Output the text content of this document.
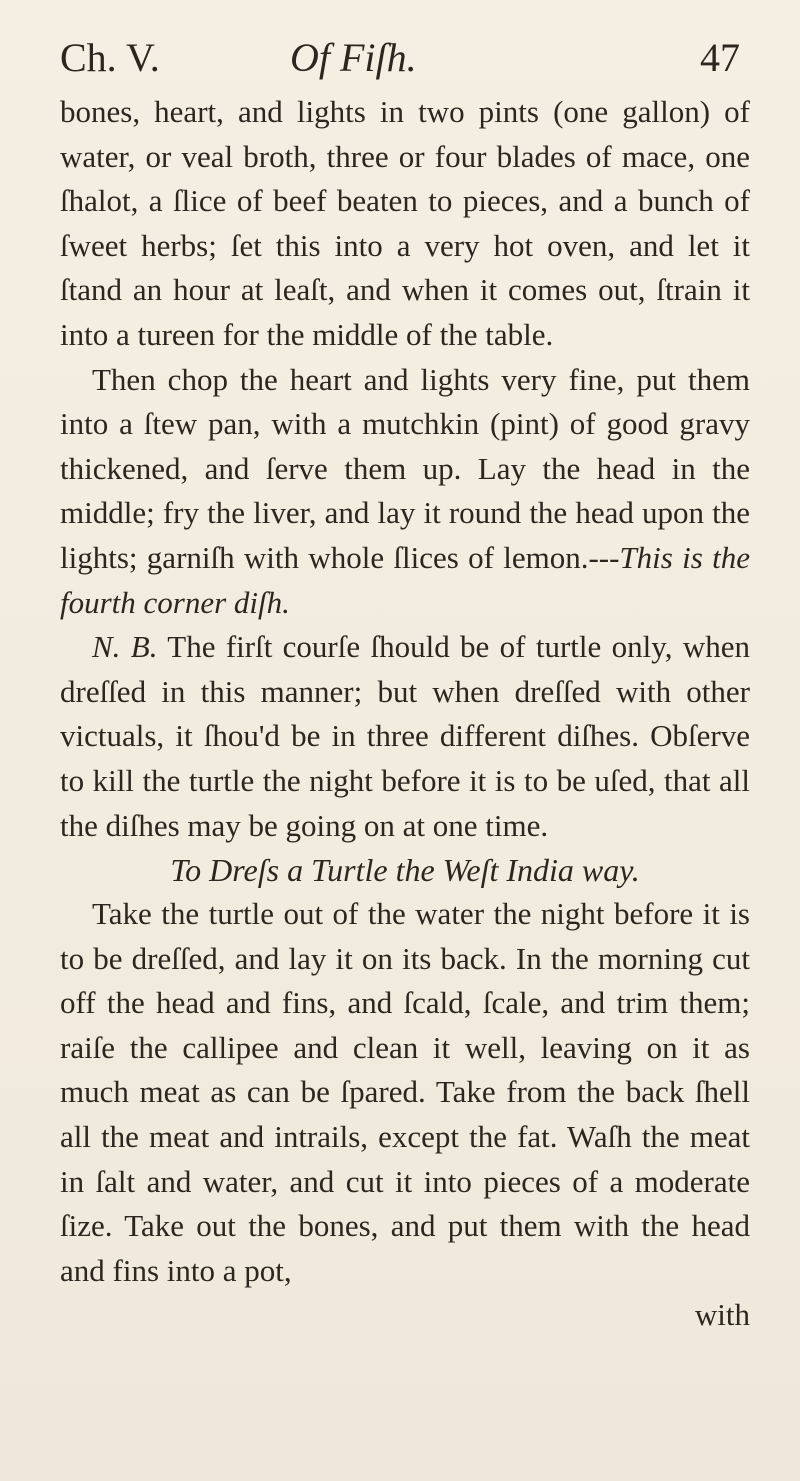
Ch. V.	Of Fiſh.	47

bones, heart, and lights in two pints (one gallon) of water, or veal broth, three or four blades of mace, one ſhalot, a ſlice of beef beaten to pieces, and a bunch of ſweet herbs; ſet this into a very hot oven, and let it ſtand an hour at leaſt, and when it comes out, ſtrain it into a tureen for the middle of the table.

Then chop the heart and lights very fine, put them into a ſtew pan, with a mutchkin (pint) of good gravy thickened, and ſerve them up. Lay the head in the middle; fry the liver, and lay it round the head upon the lights; garniſh with whole ſlices of lemon.---This is the fourth corner diſh.

N. B. The firſt courſe ſhould be of turtle only, when dreſſed in this manner; but when dreſſed with other victuals, it ſhou'd be in three different diſhes. Obſerve to kill the turtle the night before it is to be uſed, that all the diſhes may be going on at one time.

To Dreſs a Turtle the Weſt India way.

Take the turtle out of the water the night before it is to be dreſſed, and lay it on its back. In the morning cut off the head and fins, and ſcald, ſcale, and trim them; raiſe the callipee and clean it well, leaving on it as much meat as can be ſpared. Take from the back ſhell all the meat and intrails, except the fat. Waſh the meat in ſalt and water, and cut it into pieces of a moderate ſize. Take out the bones, and put them with the head and fins into a pot,

with
